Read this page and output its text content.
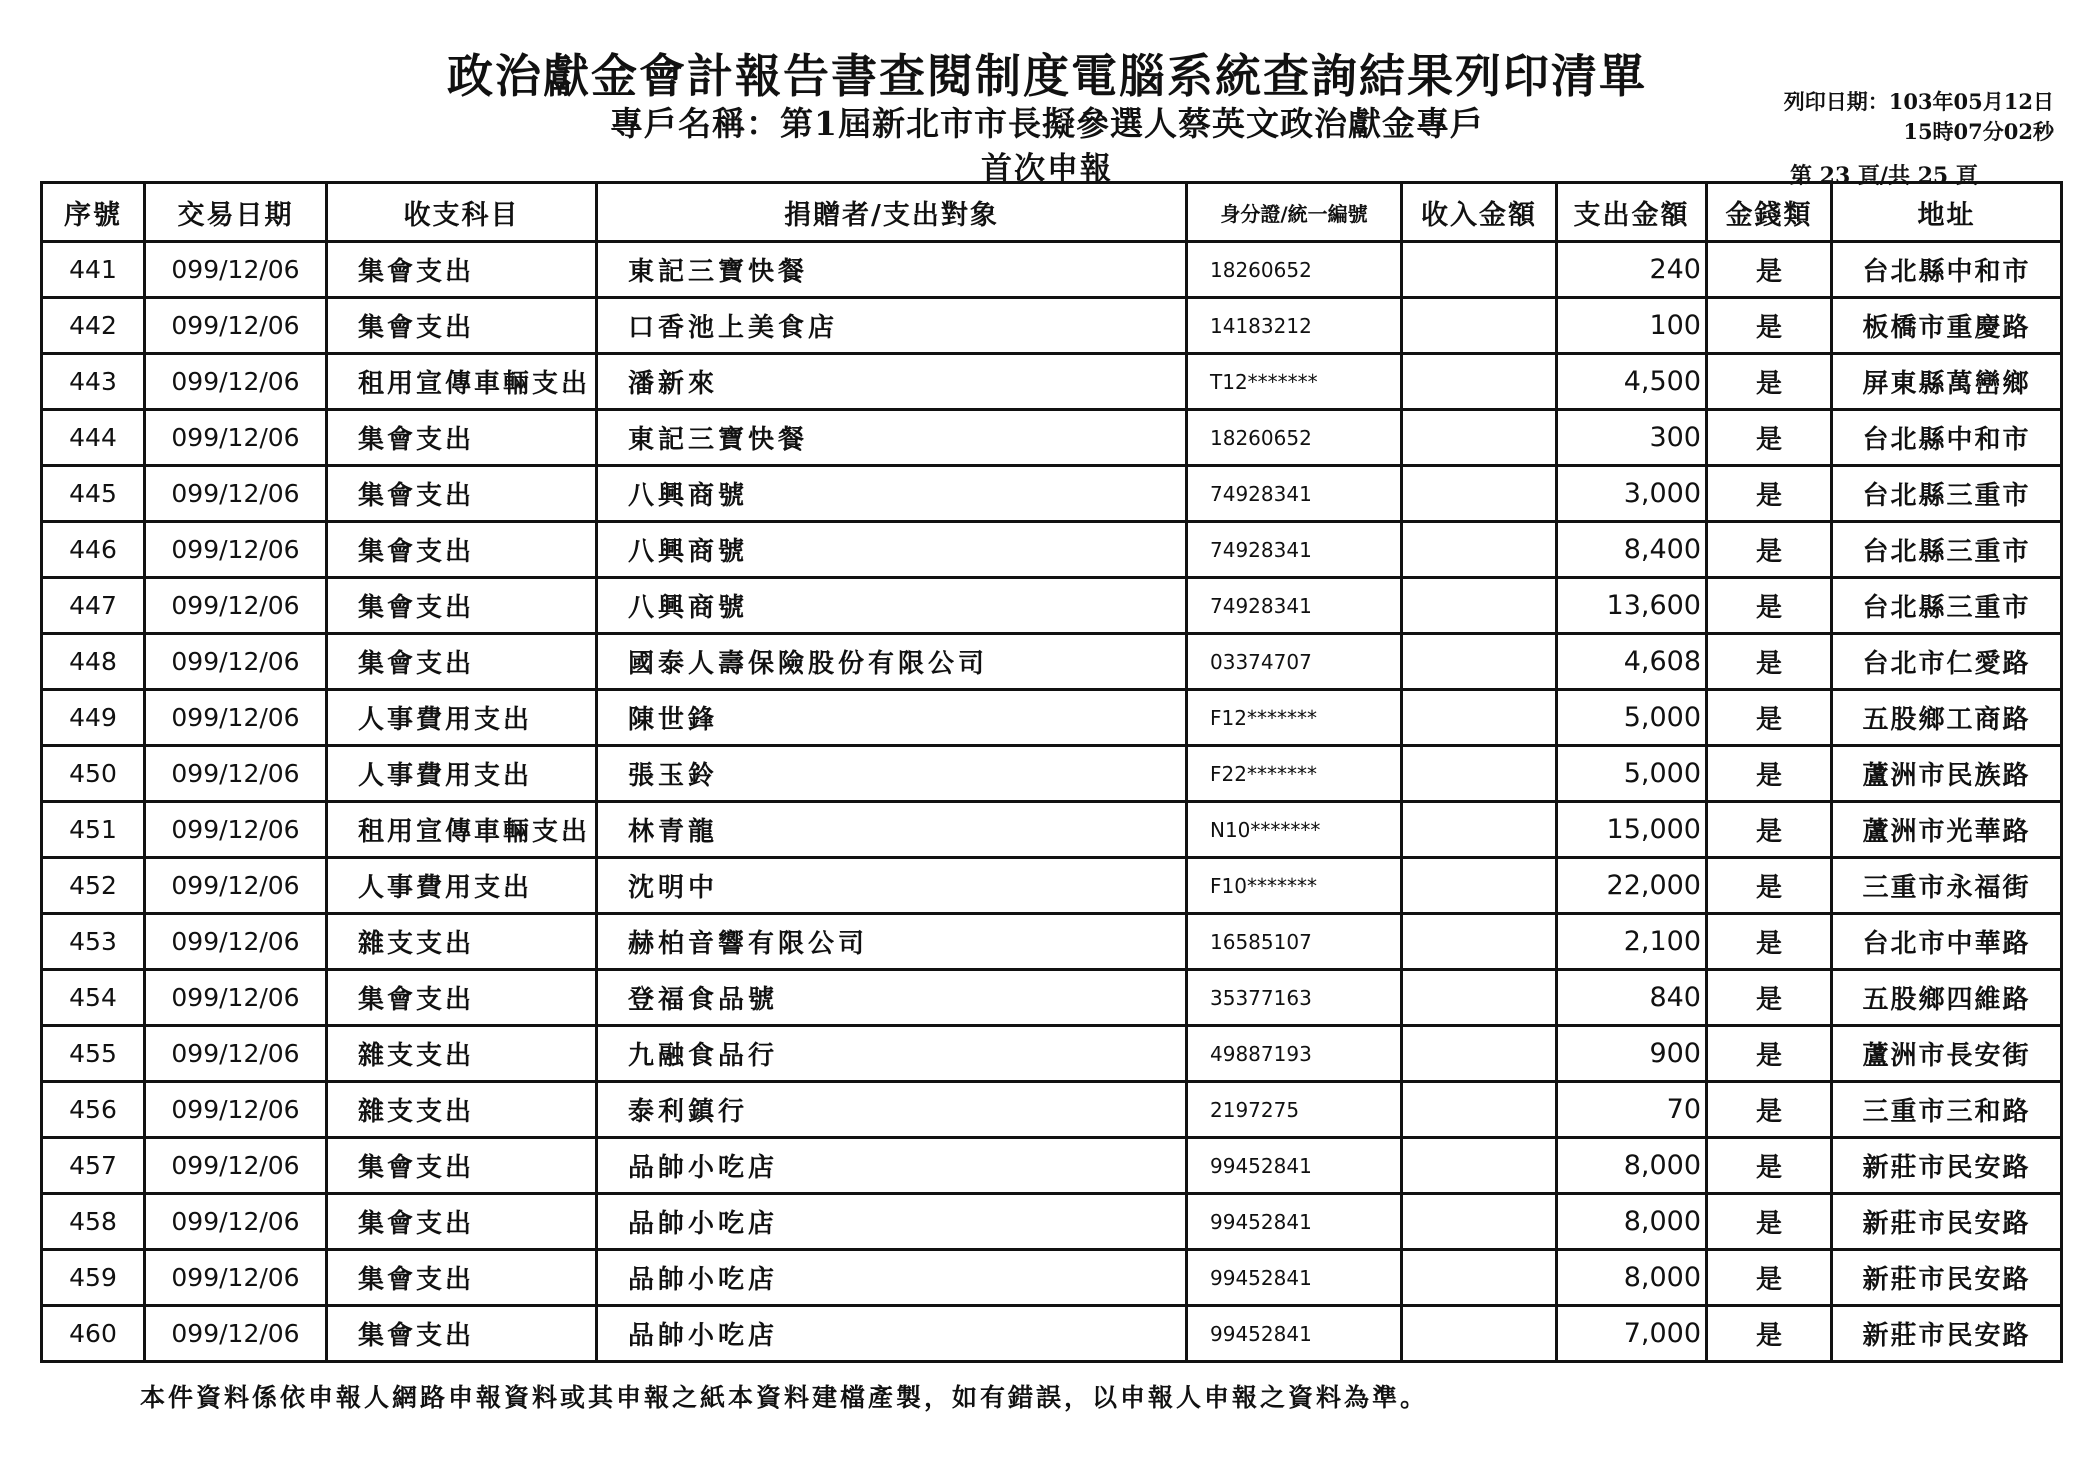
政治獻金會計報告書查閱制度電腦系統查詢結果列印清單
專戶名稱：第1屆新北市市長擬參選人蔡英文政治獻金專戶
首次申報
列印日期：103年05月12日
15時07分02秒
第 23 頁/共 25 頁
序號	交易日期	收支科目	捐贈者/支出對象	身分證/統一編號	收入金額	支出金額	金錢類	地址
441	099/12/06	集會支出	東記三寶快餐	18260652		240	是	台北縣中和市
442	099/12/06	集會支出	口香池上美食店	14183212		100	是	板橋市重慶路
443	099/12/06	租用宣傳車輛支出	潘新來	T12*******		4,500	是	屏東縣萬巒鄉
444	099/12/06	集會支出	東記三寶快餐	18260652		300	是	台北縣中和市
445	099/12/06	集會支出	八興商號	74928341		3,000	是	台北縣三重市
446	099/12/06	集會支出	八興商號	74928341		8,400	是	台北縣三重市
447	099/12/06	集會支出	八興商號	74928341		13,600	是	台北縣三重市
448	099/12/06	集會支出	國泰人壽保險股份有限公司	03374707		4,608	是	台北市仁愛路
449	099/12/06	人事費用支出	陳世鋒	F12*******		5,000	是	五股鄉工商路
450	099/12/06	人事費用支出	張玉鈴	F22*******		5,000	是	蘆洲市民族路
451	099/12/06	租用宣傳車輛支出	林青龍	N10*******		15,000	是	蘆洲市光華路
452	099/12/06	人事費用支出	沈明中	F10*******		22,000	是	三重市永福街
453	099/12/06	雜支支出	赫柏音響有限公司	16585107		2,100	是	台北市中華路
454	099/12/06	集會支出	登福食品號	35377163		840	是	五股鄉四維路
455	099/12/06	雜支支出	九融食品行	49887193		900	是	蘆洲市長安街
456	099/12/06	雜支支出	泰利鎮行	2197275		70	是	三重市三和路
457	099/12/06	集會支出	品帥小吃店	99452841		8,000	是	新莊市民安路
458	099/12/06	集會支出	品帥小吃店	99452841		8,000	是	新莊市民安路
459	099/12/06	集會支出	品帥小吃店	99452841		8,000	是	新莊市民安路
460	099/12/06	集會支出	品帥小吃店	99452841		7,000	是	新莊市民安路
本件資料係依申報人網路申報資料或其申報之紙本資料建檔產製，如有錯誤，以申報人申報之資料為準。
